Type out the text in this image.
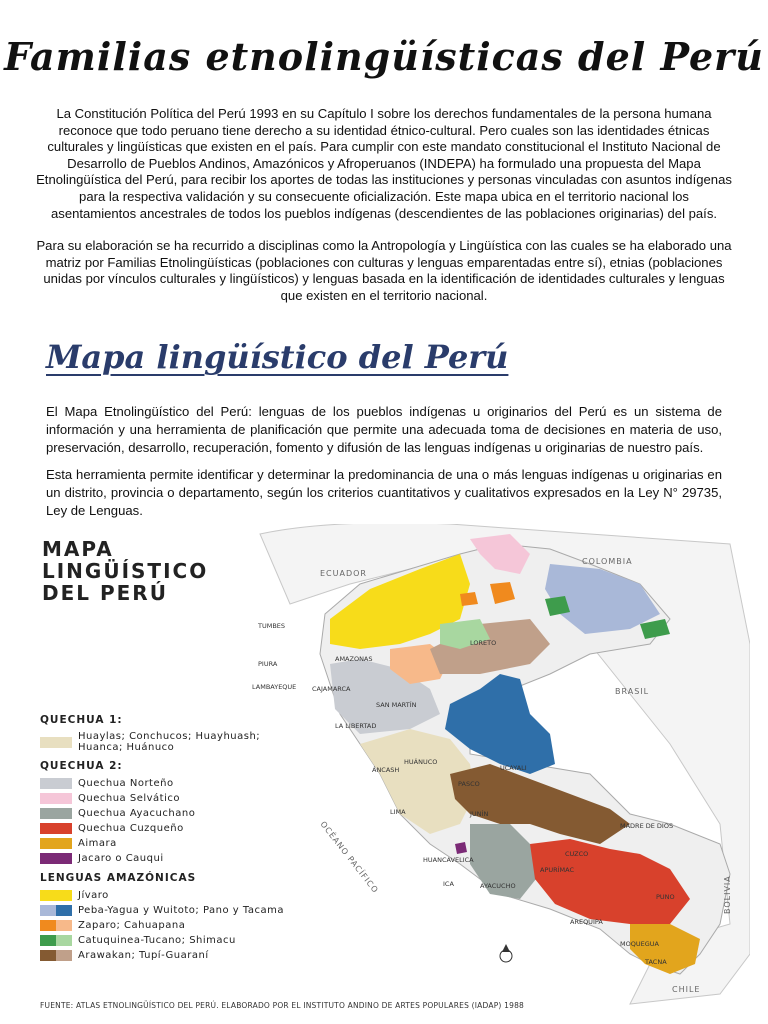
Familias etnolingüísticas del Perú

La Constitución Política del Perú 1993 en su Capítulo I sobre los derechos fundamentales de la persona humana reconoce que todo peruano tiene derecho a su identidad étnico-cultural. Pero cuales son las identidades étnicas culturales y lingüísticas que existen en el país. Para cumplir con este mandato constitucional el Instituto Nacional de Desarrollo de Pueblos Andinos, Amazónicos y Afroperuanos (INDEPA) ha formulado una propuesta del Mapa Etnolingüística del Perú, para recibir los aportes de todas las instituciones y personas vinculadas con asuntos indígenas para la respectiva validación y su consecuente oficialización. Este mapa ubica en el territorio nacional los asentamientos ancestrales de todos los pueblos indígenas (descendientes de las poblaciones originarias) del país.

Para su elaboración se ha recurrido a disciplinas como la Antropología y Lingüística con las cuales se ha elaborado una matriz por Familias Etnolingüísticas (poblaciones con culturas y lenguas emparentadas entre sí), etnias (poblaciones unidas por vínculos culturales y lingüísticos) y lenguas basada en la identificación de identidades culturales y lenguas que existen en el territorio nacional.

Mapa lingüístico del Perú

El Mapa Etnolingüístico del Perú: lenguas de los pueblos indígenas u originarios del Perú es un sistema de información y una herramienta de planificación que permite una adecuada toma de decisiones en materia de uso, preservación, desarrollo, recuperación, fomento y difusión de las lenguas indígenas u originarias de nuestro país.

Esta herramienta permite identificar y determinar la predominancia de una o más lenguas indígenas u originarias en un distrito, provincia o departamento, según los criterios cuantitativos y cualitativos expresados en la Ley N° 29735, Ley de Lenguas.

ECUADOR
COLOMBIA
BRASIL
CHILE
BOLIVIA
OCÉANO PACÍFICO
TUMBES
PIURA
LAMBAYEQUE CAJAMARCA
AMAZONAS
LORETO
SAN MARTÍN
LA LIBERTAD
ÁNCASH
HUÁNUCO
UCAYALI
PASCO
LIMA	JUNÍN
MADRE DE DIOS
CUZCO
HUANCAVELICA
ICA	AYACUCHO
APURÍMAC
PUNO
AREQUIPA
MOQUEGUA
TACNA
MAPA
LINGÜÍSTICO
DEL PERÚ
QUECHUA 1:
Huaylas; Conchucos; Huayhuash; Huanca; Huánuco
QUECHUA 2:
Quechua Norteño
Quechua Selvático
Quechua Ayacuchano
Quechua Cuzqueño
Aimara
Jacaro o Cauqui
LENGUAS AMAZÓNICAS
Jívaro
Peba-Yagua y Wuitoto; Pano y Tacama
Zaparo; Cahuapana
Catuquinea-Tucano; Shimacu
Arawakan; Tupí-Guaraní
FUENTE: ATLAS ETNOLINGÜÍSTICO DEL PERÚ. ELABORADO POR EL INSTITUTO ANDINO DE ARTES POPULARES (IADAP) 1988
